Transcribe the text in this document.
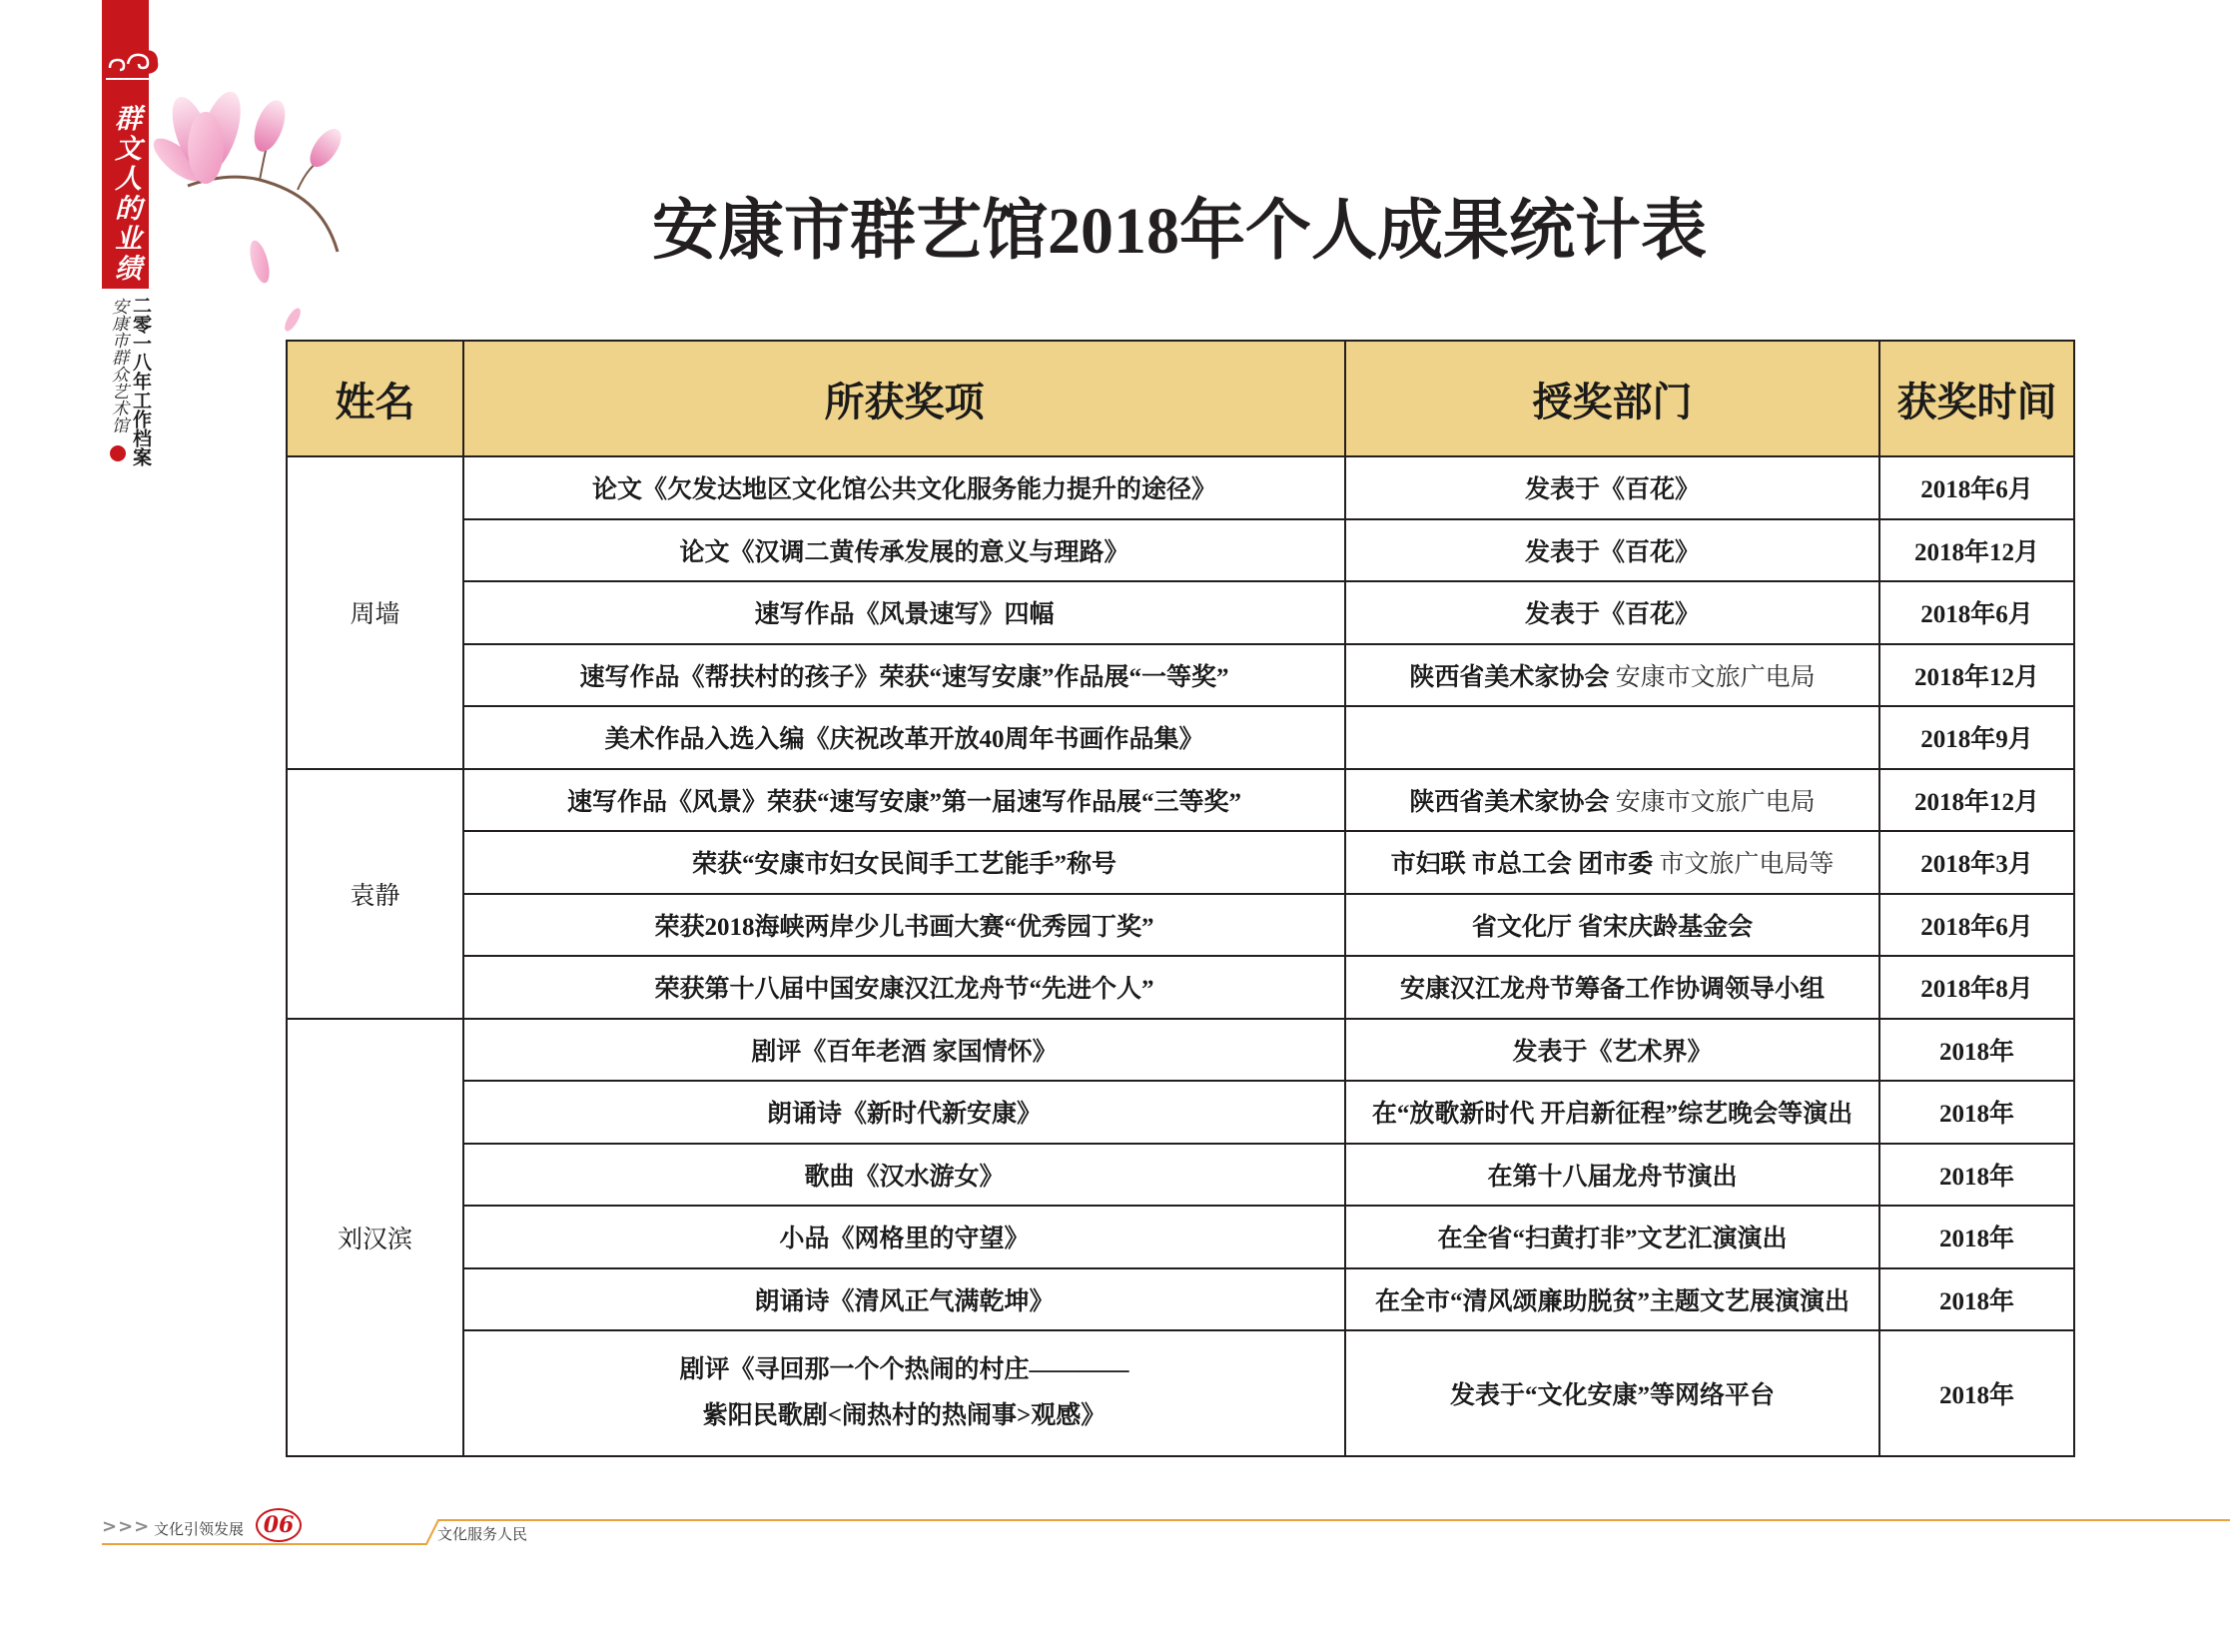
群文人的业绩
二零一八年工作档案
安康市群众艺术馆
安康市群艺馆2018年个人成果统计表
姓名	所获奖项	授奖部门	获奖时间
周墙	论文《欠发达地区文化馆公共文化服务能力提升的途径》	发表于《百花》	2018年6月
	论文《汉调二黄传承发展的意义与理路》	发表于《百花》	2018年12月
	速写作品《风景速写》四幅	发表于《百花》	2018年6月
	速写作品《帮扶村的孩子》荣获“速写安康”作品展“一等奖”	陕西省美术家协会 安康市文旅广电局	2018年12月
	美术作品入选入编《庆祝改革开放40周年书画作品集》		2018年9月
袁静	速写作品《风景》荣获“速写安康”第一届速写作品展“三等奖”	陕西省美术家协会 安康市文旅广电局	2018年12月
	荣获“安康市妇女民间手工艺能手”称号	市妇联 市总工会 团市委 市文旅广电局等	2018年3月
	荣获2018海峡两岸少儿书画大赛“优秀园丁奖”	省文化厅 省宋庆龄基金会	2018年6月
	荣获第十八届中国安康汉江龙舟节“先进个人”	安康汉江龙舟节筹备工作协调领导小组	2018年8月
刘汉滨	剧评《百年老酒 家国情怀》	发表于《艺术界》	2018年
	朗诵诗《新时代新安康》	在“放歌新时代 开启新征程”综艺晚会等演出	2018年
	歌曲《汉水游女》	在第十八届龙舟节演出	2018年
	小品《网格里的守望》	在全省“扫黄打非”文艺汇演演出	2018年
	朗诵诗《清风正气满乾坤》	在全市“清风颂廉助脱贫”主题文艺展演演出	2018年
	剧评《寻回那一个个热闹的村庄————
紫阳民歌剧<闹热村的热闹事>观感》	发表于“文化安康”等网络平台	2018年
>>> 文化引领发展 06	文化服务人民
